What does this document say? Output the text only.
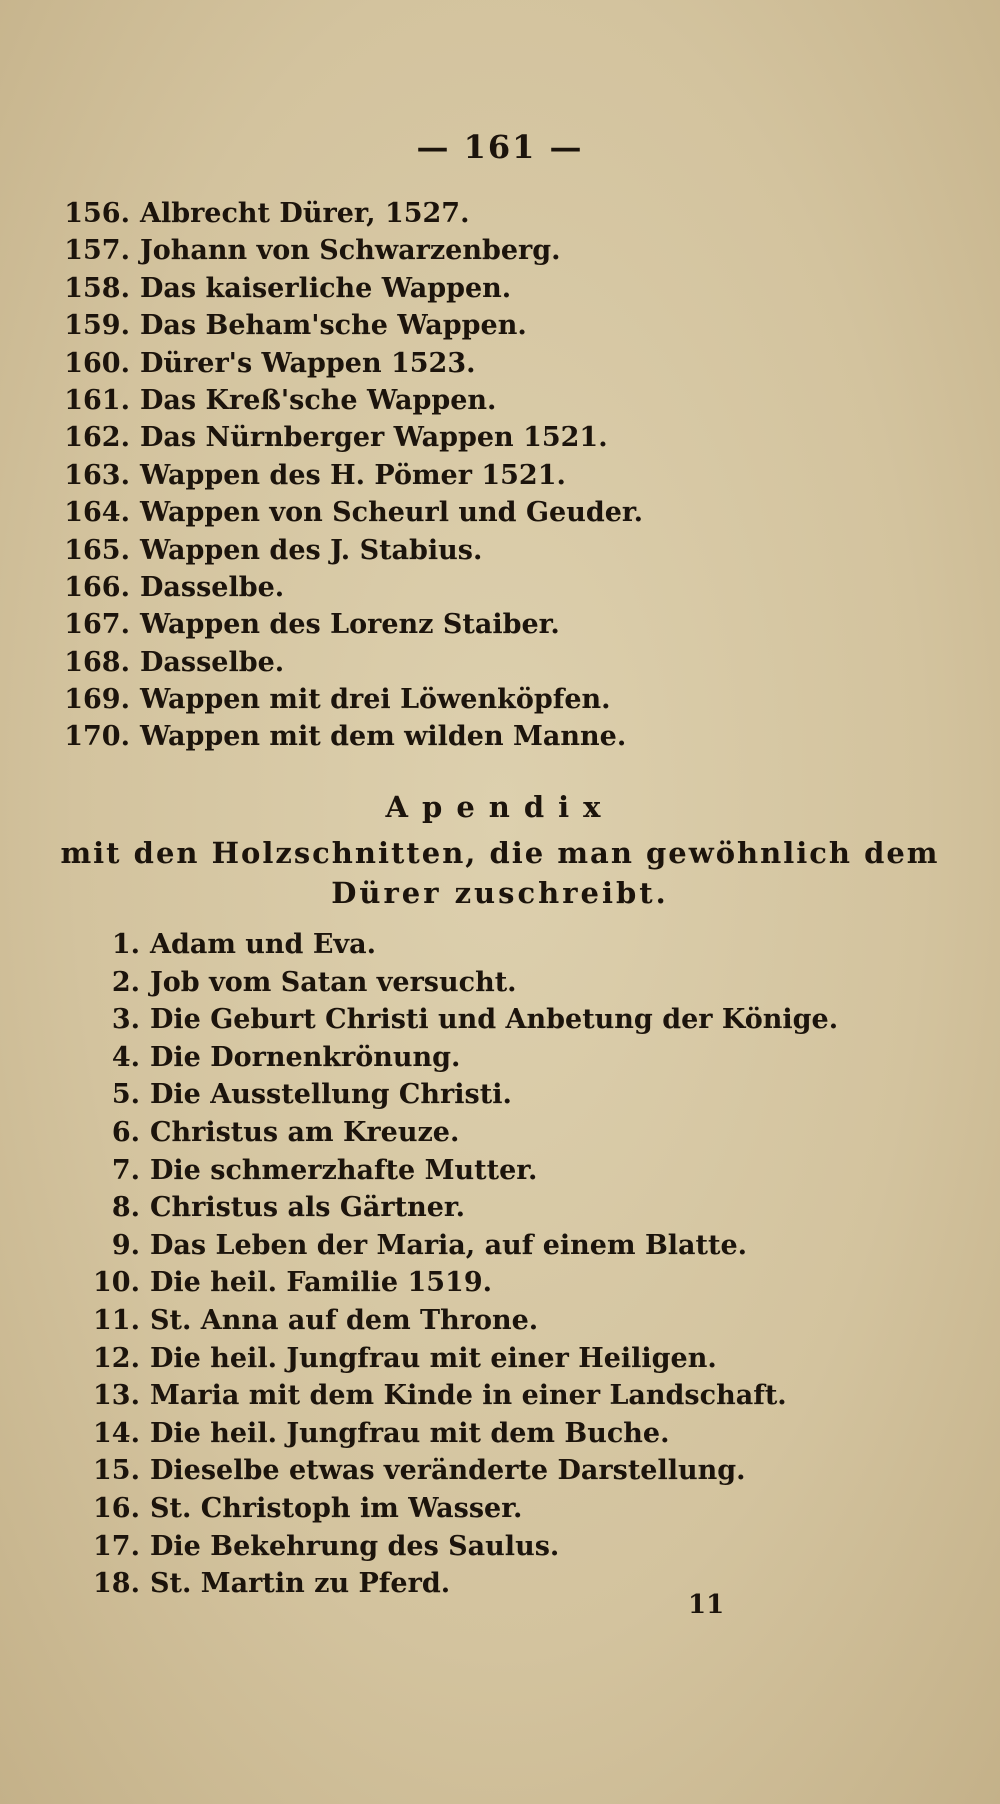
— 161 —
156. Albrecht Dürer, 1527.
157. Johann von Schwarzenberg.
158. Das kaiserliche Wappen.
159. Das Beham'sche Wappen.
160. Dürer's Wappen 1523.
161. Das Kreß'sche Wappen.
162. Das Nürnberger Wappen 1521.
163. Wappen des H. Pömer 1521.
164. Wappen von Scheurl und Geuder.
165. Wappen des J. Stabius.
166. Dasselbe.
167. Wappen des Lorenz Staiber.
168. Dasselbe.
169. Wappen mit drei Löwenköpfen.
170. Wappen mit dem wilden Manne.
Apendix
mit den Holzschnitten, die man gewöhnlich dem
Dürer zuschreibt.
1. Adam und Eva.
2. Job vom Satan versucht.
3. Die Geburt Christi und Anbetung der Könige.
4. Die Dornenkrönung.
5. Die Ausstellung Christi.
6. Christus am Kreuze.
7. Die schmerzhafte Mutter.
8. Christus als Gärtner.
9. Das Leben der Maria, auf einem Blatte.
10. Die heil. Familie 1519.
11. St. Anna auf dem Throne.
12. Die heil. Jungfrau mit einer Heiligen.
13. Maria mit dem Kinde in einer Landschaft.
14. Die heil. Jungfrau mit dem Buche.
15. Dieselbe etwas veränderte Darstellung.
16. St. Christoph im Wasser.
17. Die Bekehrung des Saulus.
18. St. Martin zu Pferd.
11
